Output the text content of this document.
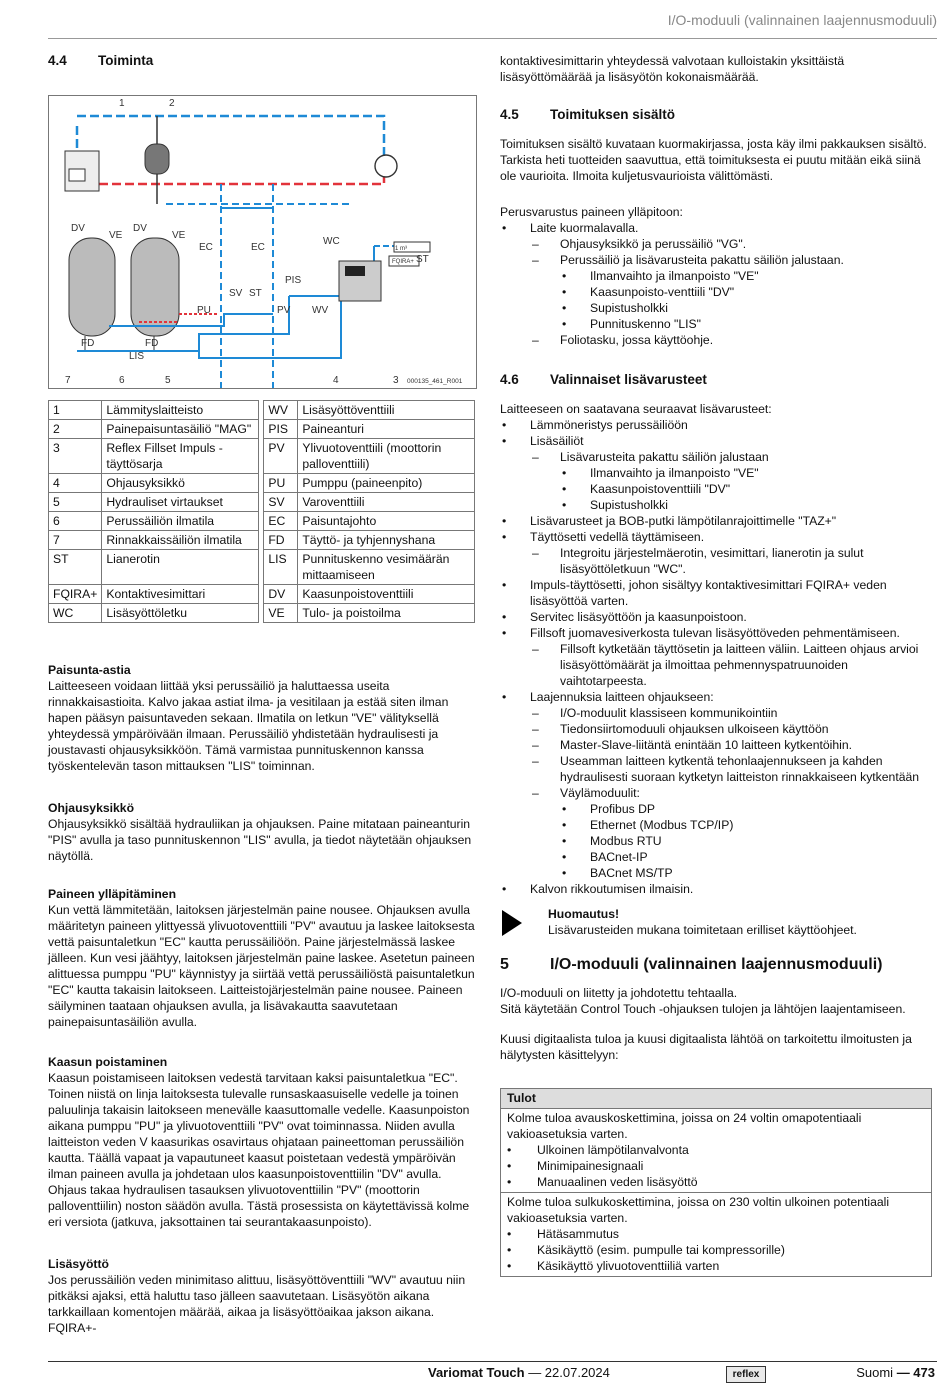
I/O-moduuli (valinnainen laajennusmoduuli)
4.4 Toiminta
1	2
DV
VE
DV
VE
EC	EC
WC
PIS
SV ST
PU	PV WV
FD	FD
LIS
ST
FQIRA+
1 m³
7	6	5	4	3 000135_461_R001
1	Lämmityslaitteisto		WV	Lisäsyöttöventtiili
2	Painepaisuntasäiliö "MAG"		PIS	Paineanturi
3	Reflex Fillset Impuls - täyttösarja		PV	Ylivuotoventtiili (moottorin palloventtiili)
4	Ohjausyksikkö		PU	Pumppu (paineenpito)
5	Hydrauliset virtaukset		SV	Varoventtiili
6	Perussäiliön ilmatila		EC	Paisuntajohto
7	Rinnakkaissäiliön ilmatila		FD	Täyttö- ja tyhjennyshana
ST	Lianerotin		LIS	Punnituskenno vesimäärän mittaamiseen
FQIRA+	Kontaktivesimittari		DV	Kaasunpoistoventtiili
WC	Lisäsyöttöletku		VE	Tulo- ja poistoilma

Paisunta-astia

Laitteeseen voidaan liittää yksi perussäiliö ja haluttaessa useita rinnakkaisastioita. Kalvo jakaa astiat ilma- ja vesitilaan ja estää siten ilman hapen pääsyn paisuntaveden sekaan. Ilmatila on letkun "VE" välityksellä yhteydessä ympäröivään ilmaan. Perussäiliö yhdistetään hydraulisesti ja joustavasti ohjausyksikköön. Tämä varmistaa punnituskennon kanssa työskentelevän tason mittauksen "LIS" toiminnan.

Ohjausyksikkö

Ohjausyksikkö sisältää hydrauliikan ja ohjauksen. Paine mitataan paineanturin "PIS" avulla ja taso punnituskennon "LIS" avulla, ja tiedot näytetään ohjauksen näytöllä.

Paineen ylläpitäminen

Kun vettä lämmitetään, laitoksen järjestelmän paine nousee. Ohjauksen avulla määritetyn paineen ylittyessä ylivuotoventtiili "PV" avautuu ja laskee laitoksesta vettä paisuntaletkun "EC" kautta perussäiliöön. Paine järjestelmässä laskee jälleen. Kun vesi jäähtyy, laitoksen järjestelmän paine laskee. Asetetun paineen alittuessa pumppu "PU" käynnistyy ja siirtää vettä perussäiliöstä paisuntaletkun "EC" kautta takaisin laitokseen. Laitteistojärjestelmän paine nousee. Paineen säilyminen taataan ohjauksen avulla, ja lisävakautta saavutetaan painepaisuntasäiliön avulla.

Kaasun poistaminen

Kaasun poistamiseen laitoksen vedestä tarvitaan kaksi paisuntaletkua "EC". Toinen niistä on linja laitoksesta tulevalle runsaskaasuiselle vedelle ja toinen paluulinja takaisin laitokseen menevälle kaasuttomalle vedelle. Kaasunpoiston aikana pumppu "PU" ja ylivuotoventtiili "PV" ovat toiminnassa. Niiden avulla laitteiston veden V kaasurikas osavirtaus ohjataan paineettoman perussäiliön kautta. Täällä vapaat ja vapautuneet kaasut poistetaan vedestä ympäröivän ilman paineen avulla ja johdetaan ulos kaasunpoistoventtiilin "DV" avulla. Ohjaus takaa hydraulisen tasauksen ylivuotoventtiilin "PV" (moottorin palloventtiilin) noston säädön avulla. Tästä prosessista on käytettävissä kolme eri versiota (jatkuva, jaksottainen tai seurantakaasunpoisto).

Lisäsyöttö

Jos perussäiliön veden minimitaso alittuu, lisäsyöttöventtiili "WV" avautuu niin pitkäksi ajaksi, että haluttu taso jälleen saavutetaan. Lisäsyötön aikana tarkkaillaan komentojen määrää, aikaa ja lisäsyöttöaikaa jakson aikana. FQIRA+-

kontaktivesimittarin yhteydessä valvotaan kulloistakin yksittäistä lisäsyöttömäärää ja lisäsyötön kokonaismäärää.

4.5 Toimituksen sisältö

Toimituksen sisältö kuvataan kuormakirjassa, josta käy ilmi pakkauksen sisältö. Tarkista heti tuotteiden saavuttua, että toimituksesta ei puutu mitään eikä siinä ole vaurioita. Ilmoita kuljetusvaurioista välittömästi.

Perusvarustus paineen ylläpitoon:

• Laite kuormalavalla.
– Ohjausyksikkö ja perussäiliö "VG".
– Perussäiliö ja lisävarusteita pakattu säiliön jalustaan.
• Ilmanvaihto ja ilmanpoisto "VE"
• Kaasunpoisto-venttiili "DV"
• Supistusholkki
• Punnituskenno "LIS"
– Foliotasku, jossa käyttöohje.
4.6 Valinnaiset lisävarusteet

Laitteeseen on saatavana seuraavat lisävarusteet:

• Lämmöneristys perussäiliöön
• Lisäsäiliöt
– Lisävarusteita pakattu säiliön jalustaan
• Ilmanvaihto ja ilmanpoisto "VE"
• Kaasunpoistoventtiili "DV"
• Supistusholkki
• Lisävarusteet ja BOB-putki lämpötilanrajoittimelle "TAZ+"
• Täyttösetti vedellä täyttämiseen.
– Integroitu järjestelmäerotin, vesimittari, lianerotin ja sulut lisäsyöttöletkuun "WC".
• Impuls-täyttösetti, johon sisältyy kontaktivesimittari FQIRA+ veden lisäsyöttöä varten.
• Servitec lisäsyöttöön ja kaasunpoistoon.
• Fillsoft juomavesiverkosta tulevan lisäsyöttöveden pehmentämiseen.
– Fillsoft kytketään täyttösetin ja laitteen väliin. Laitteen ohjaus arvioi lisäsyöttömäärät ja ilmoittaa pehmennyspatruunoiden vaihtotarpeesta.
• Laajennuksia laitteen ohjaukseen:
– I/O-moduulit klassiseen kommunikointiin
– Tiedonsiirtomoduuli ohjauksen ulkoiseen käyttöön
– Master-Slave-liitäntä enintään 10 laitteen kytkentöihin.
– Useamman laitteen kytkentä tehonlaajennukseen ja kahden hydraulisesti suoraan kytketyn laitteiston rinnakkaiseen kytkentään
– Väylämoduulit:
• Profibus DP
• Ethernet (Modbus TCP/IP)
• Modbus RTU
• BACnet-IP
• BACnet MS/TP
• Kalvon rikkoutumisen ilmaisin.

Huomautus!

Lisävarusteiden mukana toimitetaan erilliset käyttöohjeet.

5	I/O-moduuli (valinnainen laajennusmoduuli)

I/O-moduuli on liitetty ja johdotettu tehtaalla.

Sitä käytetään Control Touch -ohjauksen tulojen ja lähtöjen laajentamiseen.

Kuusi digitaalista tuloa ja kuusi digitaalista lähtöä on tarkoitettu ilmoitusten ja hälytysten käsittelyyn:

Tulot

Kolme tuloa avauskoskettimina, joissa on 24 voltin omapotentiaali vakioasetuksia varten.
• Ulkoinen lämpötilanvalvonta
• Minimipainesignaali
• Manuaalinen veden lisäsyöttö

Kolme tuloa sulkukoskettimina, joissa on 230 voltin ulkoinen potentiaali vakioasetuksia varten.
• Hätäsammutus
• Käsikäyttö (esim. pumpulle tai kompressorille)
• Käsikäyttö ylivuotoventtiiliä varten
Variomat Touch — 22.07.2024	reflex	Suomi — 473
